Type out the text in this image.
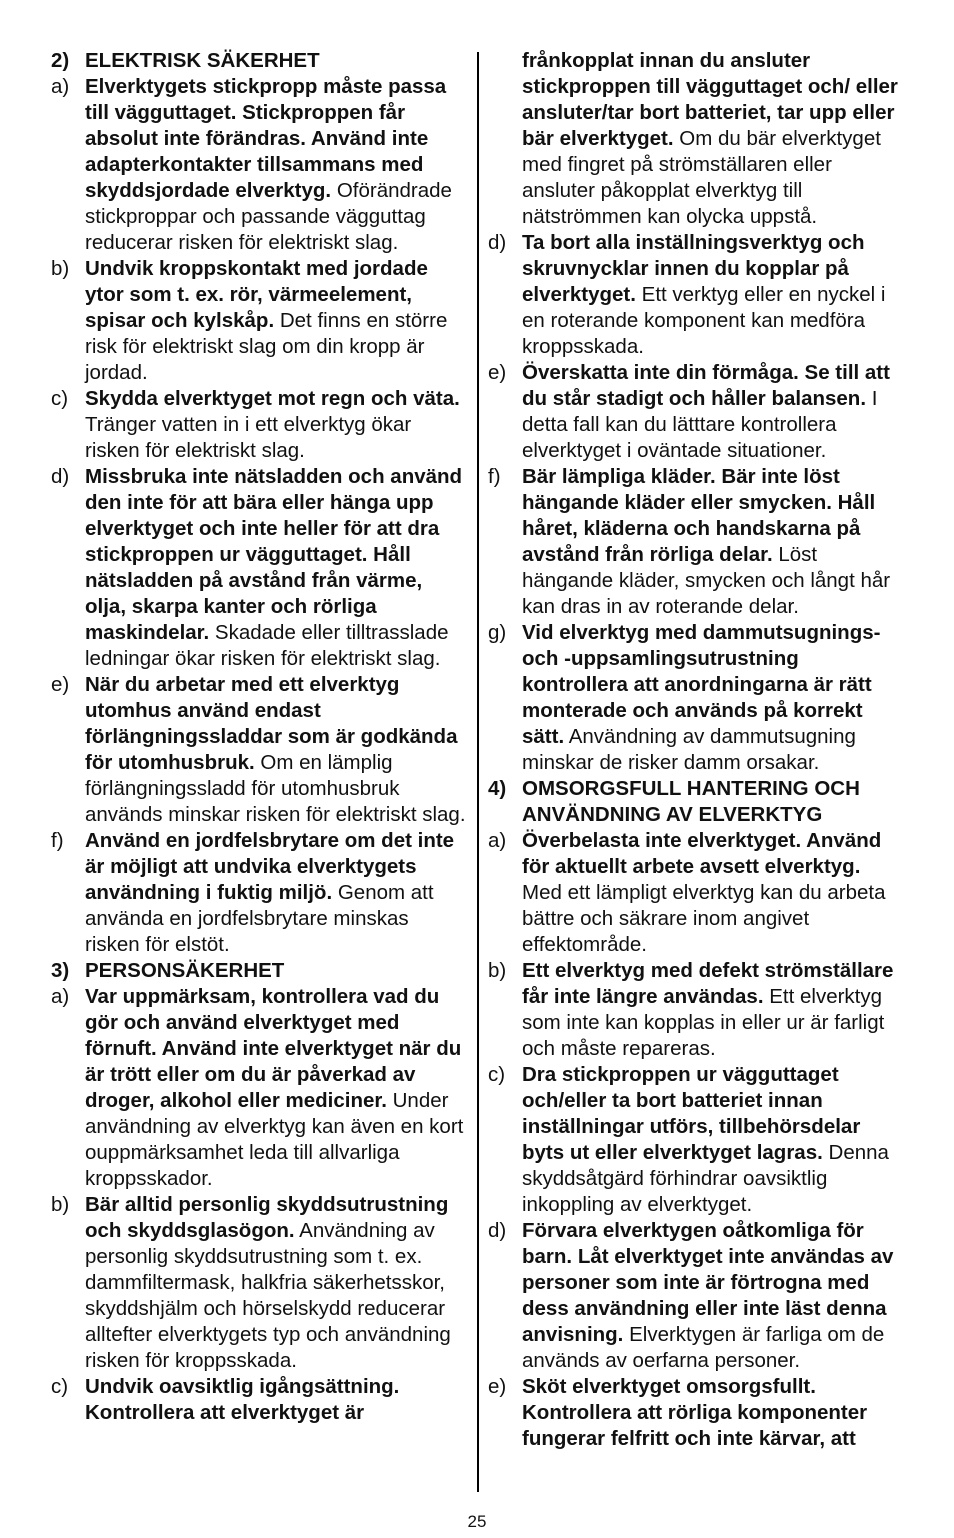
2) ELEKTRISK SÄKERHET
a) Elverktygets stickpropp måste passa till vägguttaget. Stickproppen får absolut inte förändras. Använd inte adapterkontakter tillsammans med skyddsjordade elverktyg. Oförändrade stickproppar och passande vägguttag reducerar risken för elektriskt slag.
b) Undvik kroppskontakt med jordade ytor som t. ex. rör, värmeelement, spisar och kylskåp. Det finns en större risk för elektriskt slag om din kropp är jordad.
c) Skydda elverktyget mot regn och väta. Tränger vatten in i ett elverktyg ökar risken för elektriskt slag.
d) Missbruka inte nätsladden och använd den inte för att bära eller hänga upp elverktyget och inte heller för att dra stickproppen ur vägguttaget. Håll nätsladden på avstånd från värme, olja, skarpa kanter och rörliga maskindelar. Skadade eller tilltrasslade ledningar ökar risken för elektriskt slag.
e) När du arbetar med ett elverktyg utomhus använd endast förlängningssladdar som är godkända för utomhusbruk. Om en lämplig förlängningssladd för utomhusbruk används minskar risken för elektriskt slag.
f)	Använd en jordfelsbrytare om det inte är möjligt att undvika elverktygets användning i fuktig miljö. Genom att använda en jordfelsbrytare minskas risken för elstöt.
3) PERSONSÄKERHET
a) Var uppmärksam, kontrollera vad du gör och använd elverktyget med förnuft. Använd inte elverktyget när du är trött eller om du är påverkad av droger, alkohol eller mediciner. Under användning av elverktyg kan även en kort ouppmärksamhet leda till allvarliga kroppsskador.
b) Bär alltid personlig skyddsutrustning och skyddsglasögon. Användning av personlig skyddsutrustning som t. ex. dammfiltermask, halkfria säkerhetsskor, skyddshjälm och hörselskydd reducerar alltefter elverktygets typ och användning risken för kroppsskada.
c) Undvik oavsiktlig igångsättning. Kontrollera att elverktyget är
frånkopplat innan du ansluter stickproppen till vägguttaget och/ eller ansluter/tar bort batteriet, tar upp eller bär elverktyget. Om du bär elverktyget med fingret på strömställaren eller ansluter påkopplat elverktyg till nätströmmen kan olycka uppstå.
d) Ta bort alla inställningsverktyg och skruvnycklar innen du kopplar på elverktyget. Ett verktyg eller en nyckel i en roterande komponent kan medföra kroppsskada.
e) Överskatta inte din förmåga. Se till att du står stadigt och håller balansen. I detta fall kan du lätttare kontrollera elverktyget i oväntade situationer.
f)	Bär lämpliga kläder. Bär inte löst hängande kläder eller smycken. Håll håret, kläderna och handskarna på avstånd från rörliga delar. Löst hängande kläder, smycken och långt hår kan dras in av roterande delar.
g) Vid elverktyg med dammutsugnings- och -uppsamlingsutrustning kontrollera att anordningarna är rätt monterade och används på korrekt sätt. Användning av dammutsugning minskar de risker damm orsakar.
4) OMSORGSFULL HANTERING OCH ANVÄNDNING AV ELVERKTYG
a) Överbelasta inte elverktyget. Använd för aktuellt arbete avsett elverktyg. Med ett lämpligt elverktyg kan du arbeta bättre och säkrare inom angivet effektområde.
b) Ett elverktyg med defekt strömställare får inte längre användas. Ett elverktyg som inte kan kopplas in eller ur är farligt och måste repareras.
c) Dra stickproppen ur vägguttaget och/eller ta bort batteriet innan inställningar utförs, tillbehörsdelar byts ut eller elverktyget lagras. Denna skyddsåtgärd förhindrar oavsiktlig inkoppling av elverktyget.
d) Förvara elverktygen oåtkomliga för barn. Låt elverktyget inte användas av personer som inte är förtrogna med dess användning eller inte läst denna anvisning. Elverktygen är farliga om de används av oerfarna personer.
e) Sköt elverktyget omsorgsfullt. Kontrollera att rörliga komponenter fungerar felfritt och inte kärvar, att
25
